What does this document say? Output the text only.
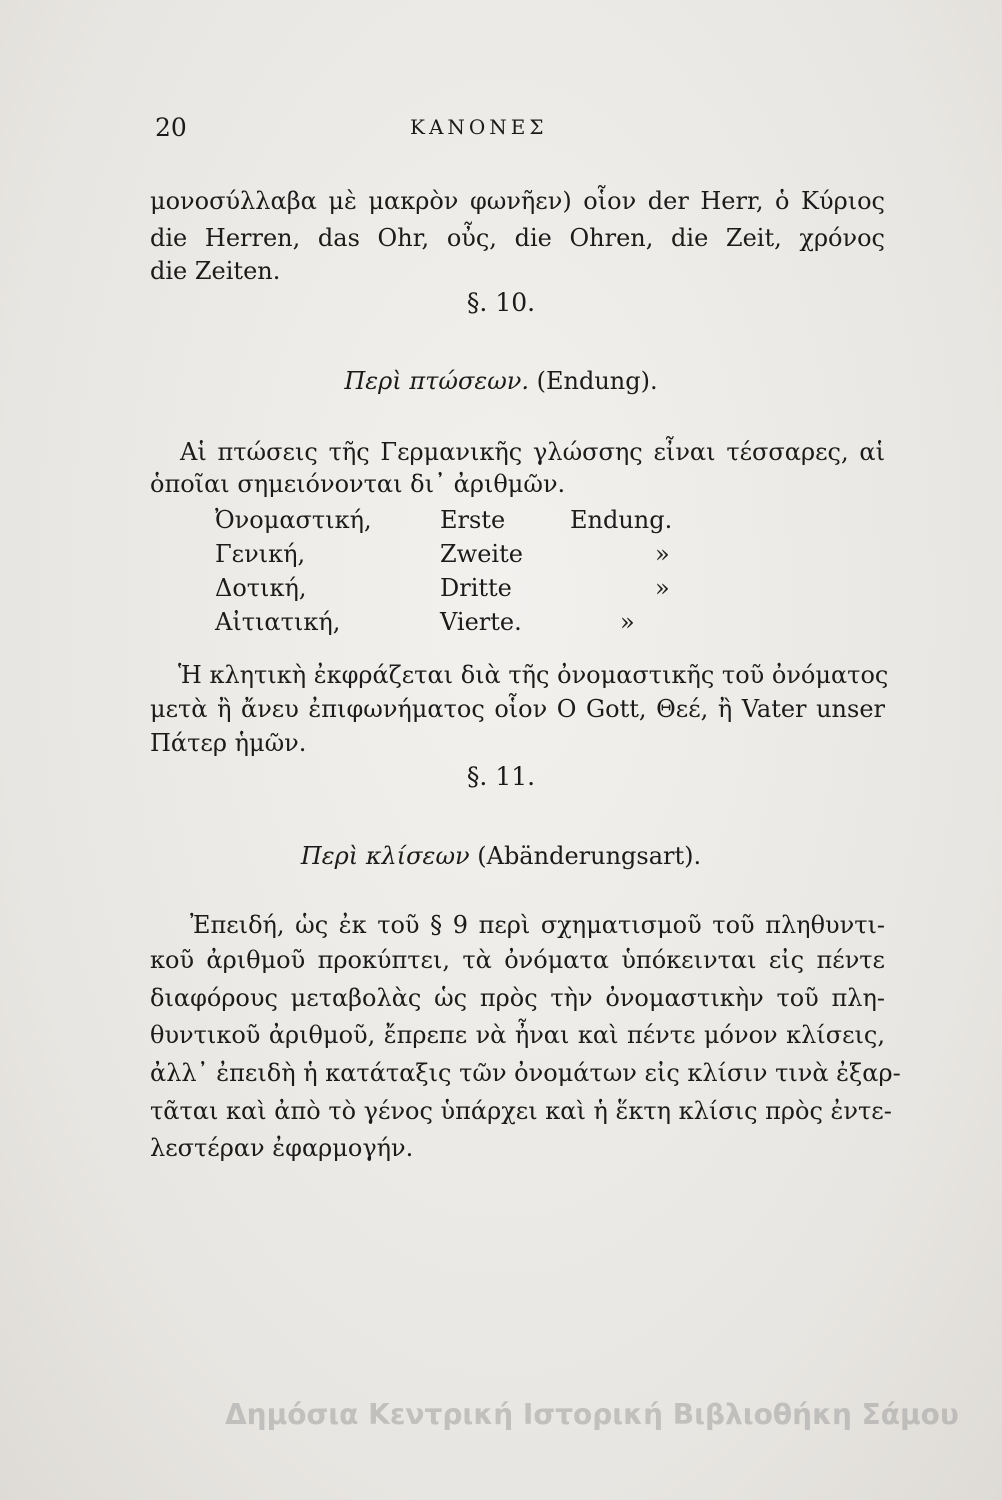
20	ΚΑΝΟΝΕΣ
μονοσύλλαβα μὲ μακρὸν φωνῆεν) οἷον der Herr, ὁ Κύριος
die Herren, das Ohr, οὖς, die Ohren, die Zeit, χρόνος
die Zeiten.
§. 10.
Περὶ πτώσεων. (Endung).
Αἱ πτώσεις τῆς Γερμανικῆς γλώσσης εἶναι τέσσαρες, αἱ
ὁποῖαι σημειόνονται δι᾽ ἀριθμῶν.
Ὀνομαστική,	Erste	Endung.
Γενική,	Zweite	»
Δοτική,	Dritte	»
Αἰτιατική,	Vierte.	»
Ἡ κλητικὴ ἐκφράζεται διὰ τῆς ὀνομαστικῆς τοῦ ὀνόματος
μετὰ ἢ ἄνευ ἐπιφωνήματος οἷον O Gott, Θεέ, ἢ Vater unser
Πάτερ ἡμῶν.
§. 11.
Περὶ κλίσεων (Abänderungsart).
Ἐπειδή, ὡς ἐκ τοῦ § 9 περὶ σχηματισμοῦ τοῦ πληθυντι-
κοῦ ἀριθμοῦ προκύπτει, τὰ ὀνόματα ὑπόκεινται εἰς πέντε
διαφόρους μεταβολὰς ὡς πρὸς τὴν ὀνομαστικὴν τοῦ πλη-
θυντικοῦ ἀριθμοῦ, ἔπρεπε νὰ ἦναι καὶ πέντε μόνον κλίσεις,
ἀλλ᾽ ἐπειδὴ ἡ κατάταξις τῶν ὀνομάτων εἰς κλίσιν τινὰ ἐξαρ-
τᾶται καὶ ἀπὸ τὸ γένος ὑπάρχει καὶ ἡ ἕκτη κλίσις πρὸς ἐντε-
λεστέραν ἐφαρμογήν.
Δημόσια Κεντρική Ιστορική Βιβλιοθήκη Σάμου
